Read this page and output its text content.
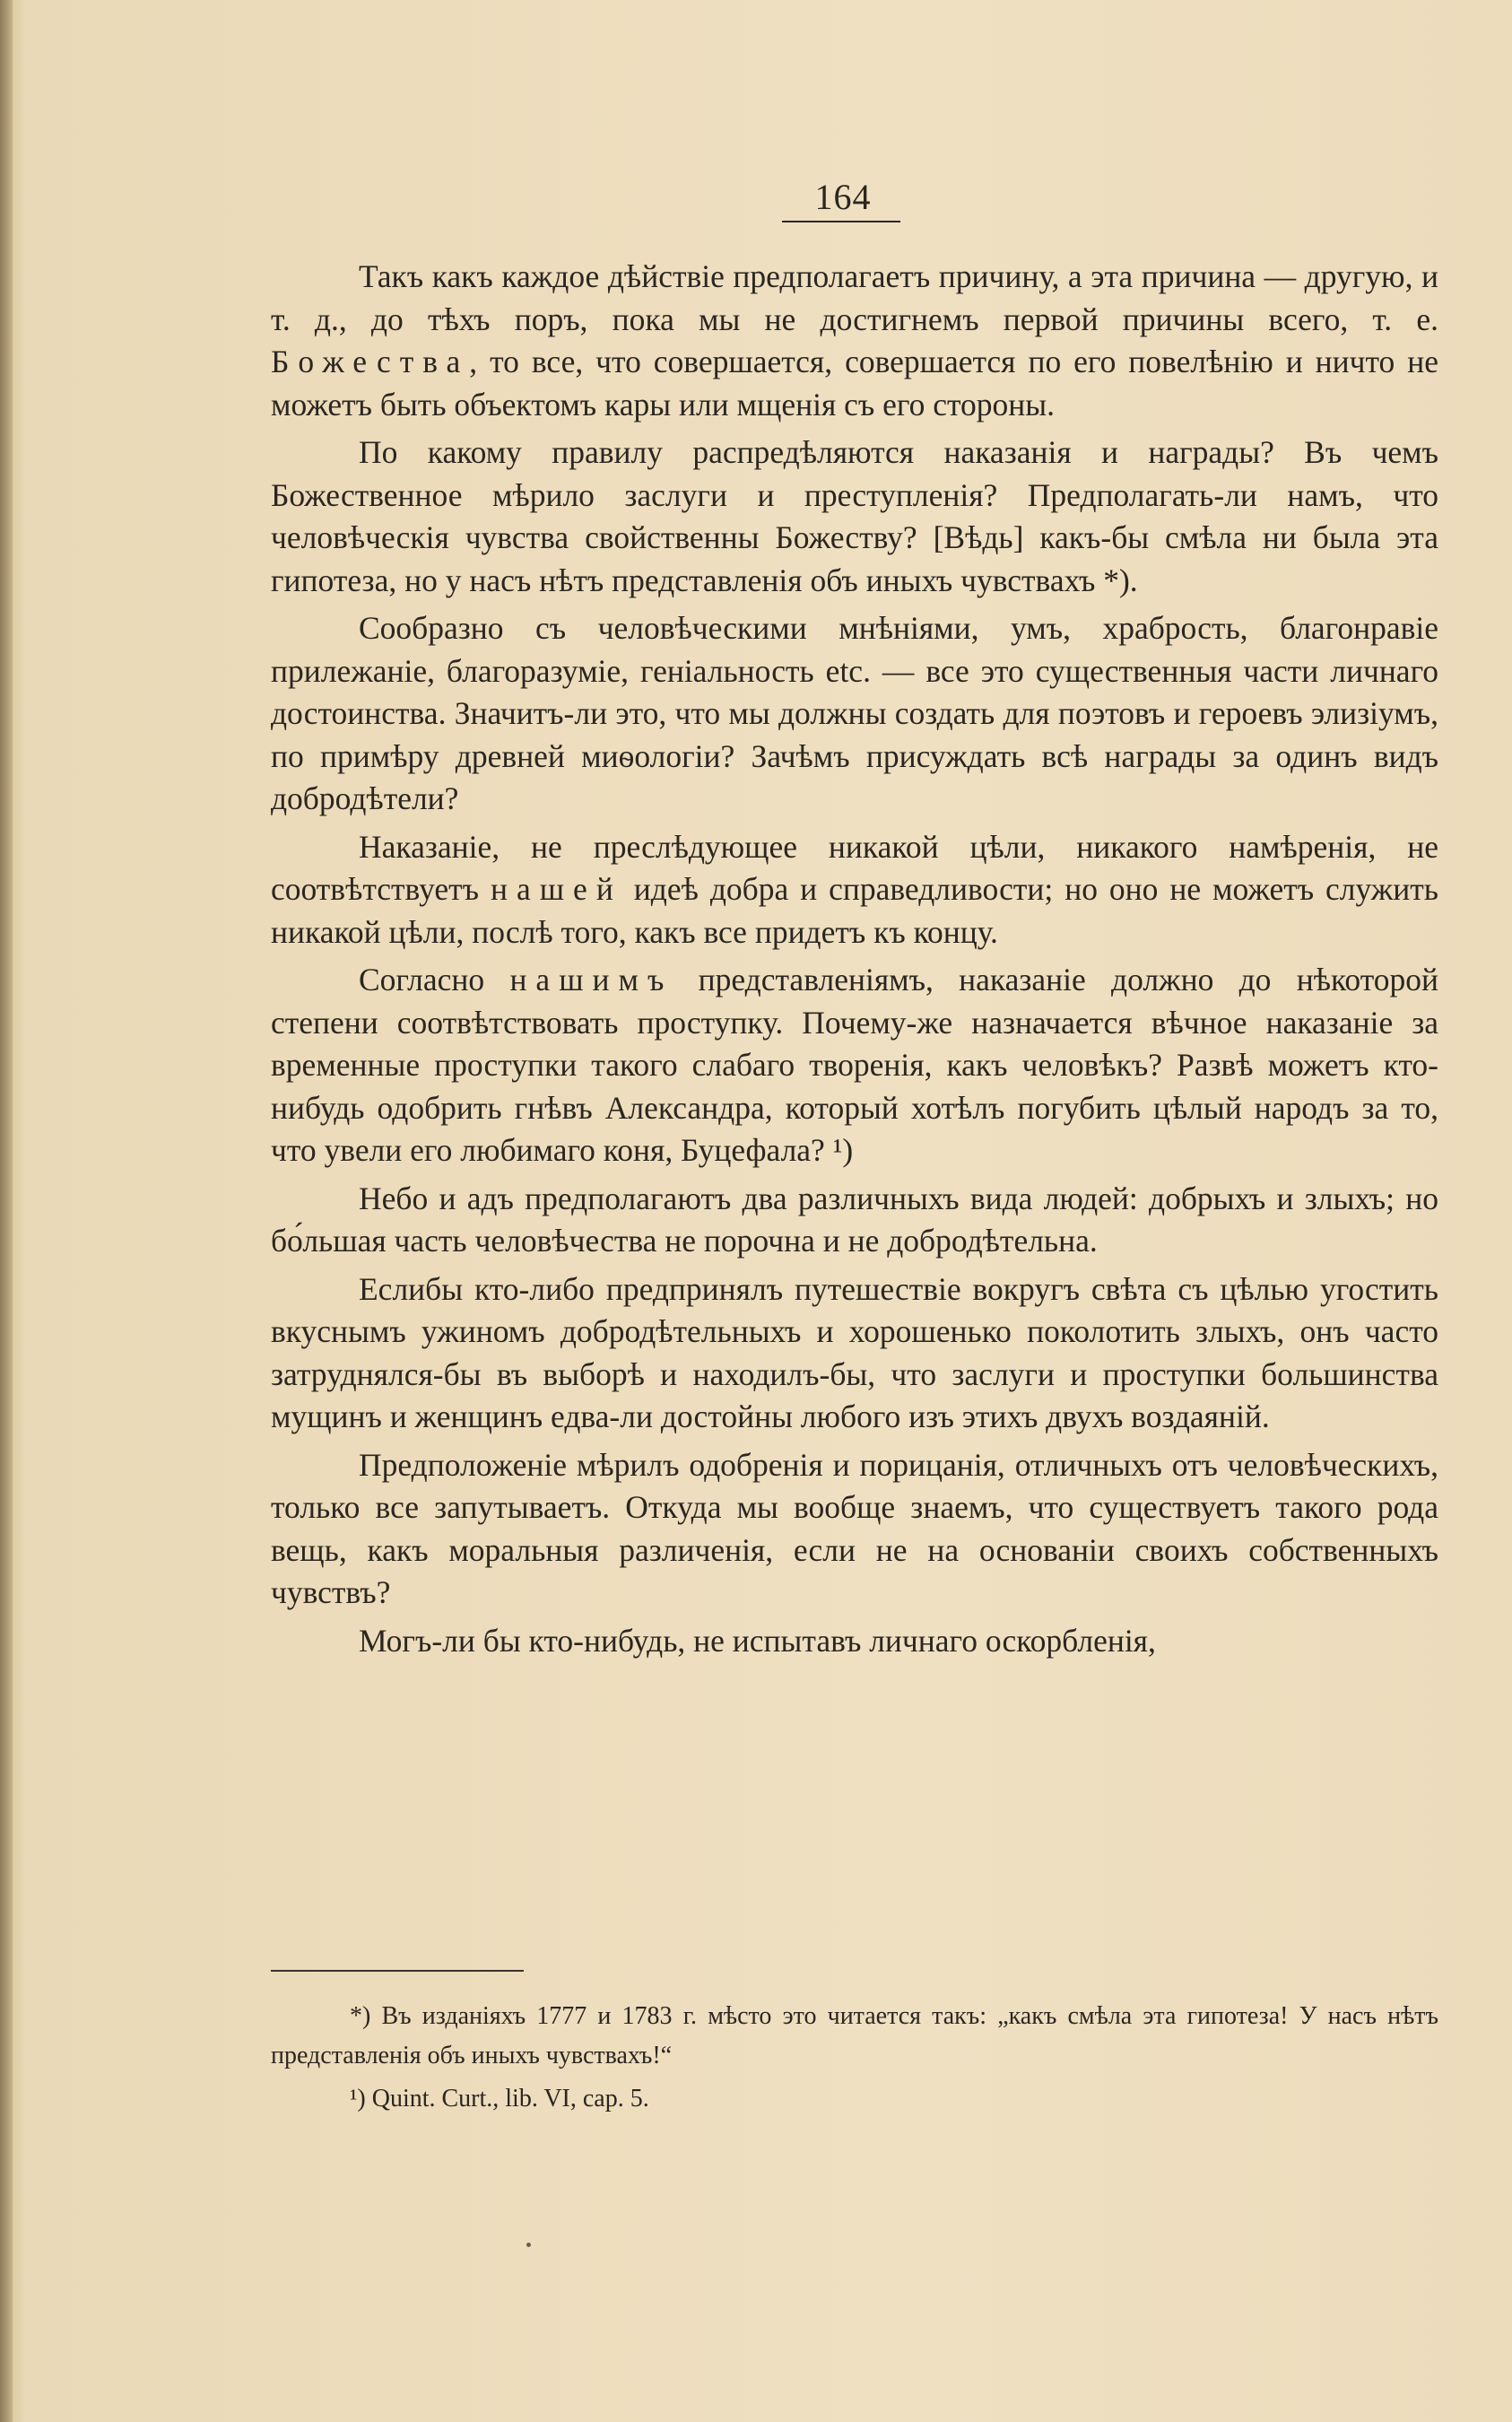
164

Такъ какъ каждое дѣйствіе предполагаетъ причину, а эта причина — другую, и т. д., до тѣхъ поръ, пока мы не достигнемъ первой причины всего, т. е. Божества, то все, что совершается, совершается по его повелѣнію и ничто не можетъ быть объектомъ кары или мщенія съ его стороны.

По какому правилу распредѣляются наказанія и награды? Въ чемъ Божественное мѣрило заслуги и преступленія? Предполагать-ли намъ, что человѣческія чувства свойственны Божеству? [Вѣдь] какъ-бы смѣла ни была эта гипотеза, но у насъ нѣтъ представленія объ иныхъ чувствахъ *).

Сообразно съ человѣческими мнѣніями, умъ, храбрость, благонравіе прилежаніе, благоразуміе, геніальность etc. — все это существенныя части личнаго достоинства. Значитъ-ли это, что мы должны создать для поэтовъ и героевъ элизіумъ, по примѣру древней миѳологіи? Зачѣмъ присуждать всѣ награды за одинъ видъ добродѣтели?

Наказаніе, не преслѣдующее никакой цѣли, никакого намѣренія, не соотвѣтствуетъ нашей идеѣ добра и справедливости; но оно не можетъ служить никакой цѣли, послѣ того, какъ все придетъ къ концу.

Согласно нашимъ представленіямъ, наказаніе должно до нѣкоторой степени соотвѣтствовать проступку. Почему-же назначается вѣчное наказаніе за временные проступки такого слабаго творенія, какъ человѣкъ? Развѣ можетъ кто-нибудь одобрить гнѣвъ Александра, который хотѣлъ погубить цѣлый народъ за то, что увели его любимаго коня, Буцефала? ¹)

Небо и адъ предполагаютъ два различныхъ вида людей: добрыхъ и злыхъ; но бо́льшая часть человѣчества не порочна и не добродѣтельна.

Еслибы кто-либо предпринялъ путешествіе вокругъ свѣта съ цѣлью угостить вкуснымъ ужиномъ добродѣтельныхъ и хорошенько поколотить злыхъ, онъ часто затруднялся-бы въ выборѣ и находилъ-бы, что заслуги и проступки большинства мущинъ и женщинъ едва-ли достойны любого изъ этихъ двухъ воздаяній.

Предположеніе мѣрилъ одобренія и порицанія, отличныхъ отъ человѣческихъ, только все запутываетъ. Откуда мы вообще знаемъ, что существуетъ такого рода вещь, какъ моральныя различенія, если не на основаніи своихъ собственныхъ чувствъ?

Могъ-ли бы кто-нибудь, не испытавъ личнаго оскорбленія,

*) Въ изданіяхъ 1777 и 1783 г. мѣсто это читается такъ: „какъ смѣла эта гипотеза! У насъ нѣтъ представленія объ иныхъ чувствахъ!“

¹) Quint. Curt., lib. VI, cap. 5.
